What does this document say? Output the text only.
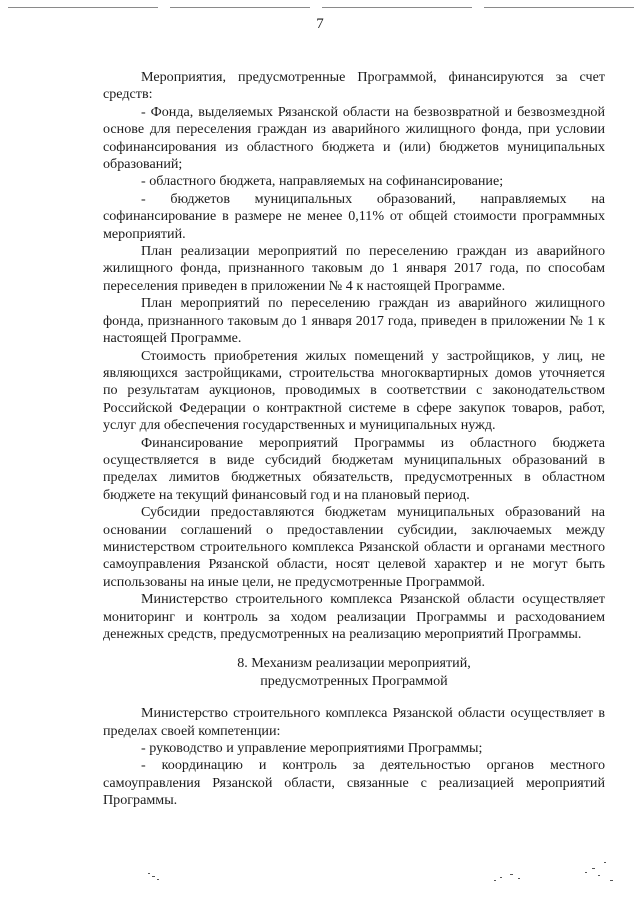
7

Мероприятия, предусмотренные Программой, финансируются за счет средств:

- Фонда, выделяемых Рязанской области на безвозвратной и безвозмездной основе для переселения граждан из аварийного жилищного фонда, при условии софинансирования из областного бюджета и (или) бюджетов муниципальных образований;

- областного бюджета, направляемых на софинансирование;

- бюджетов муниципальных образований, направляемых на софинансирование в размере не менее 0,11% от общей стоимости программных мероприятий.

План реализации мероприятий по переселению граждан из аварийного жилищного фонда, признанного таковым до 1 января 2017 года, по способам переселения приведен в приложении № 4 к настоящей Программе.

План мероприятий по переселению граждан из аварийного жилищного фонда, признанного таковым до 1 января 2017 года, приведен в приложении № 1 к настоящей Программе.

Стоимость приобретения жилых помещений у застройщиков, у лиц, не являющихся застройщиками, строительства многоквартирных домов уточняется по результатам аукционов, проводимых в соответствии с законодательством Российской Федерации о контрактной системе в сфере закупок товаров, работ, услуг для обеспечения государственных и муниципальных нужд.

Финансирование мероприятий Программы из областного бюджета осуществляется в виде субсидий бюджетам муниципальных образований в пределах лимитов бюджетных обязательств, предусмотренных в областном бюджете на текущий финансовый год и на плановый период.

Субсидии предоставляются бюджетам муниципальных образований на основании соглашений о предоставлении субсидии, заключаемых между министерством строительного комплекса Рязанской области и органами местного самоуправления Рязанской области, носят целевой характер и не могут быть использованы на иные цели, не предусмотренные Программой.

Министерство строительного комплекса Рязанской области осуществляет мониторинг и контроль за ходом реализации Программы и расходованием денежных средств, предусмотренных на реализацию мероприятий Программы.

8. Механизм реализации мероприятий,
предусмотренных Программой

Министерство строительного комплекса Рязанской области осуществляет в пределах своей компетенции:

- руководство и управление мероприятиями Программы;

- координацию и контроль за деятельностью органов местного самоуправления Рязанской области, связанные с реализацией мероприятий Программы.
